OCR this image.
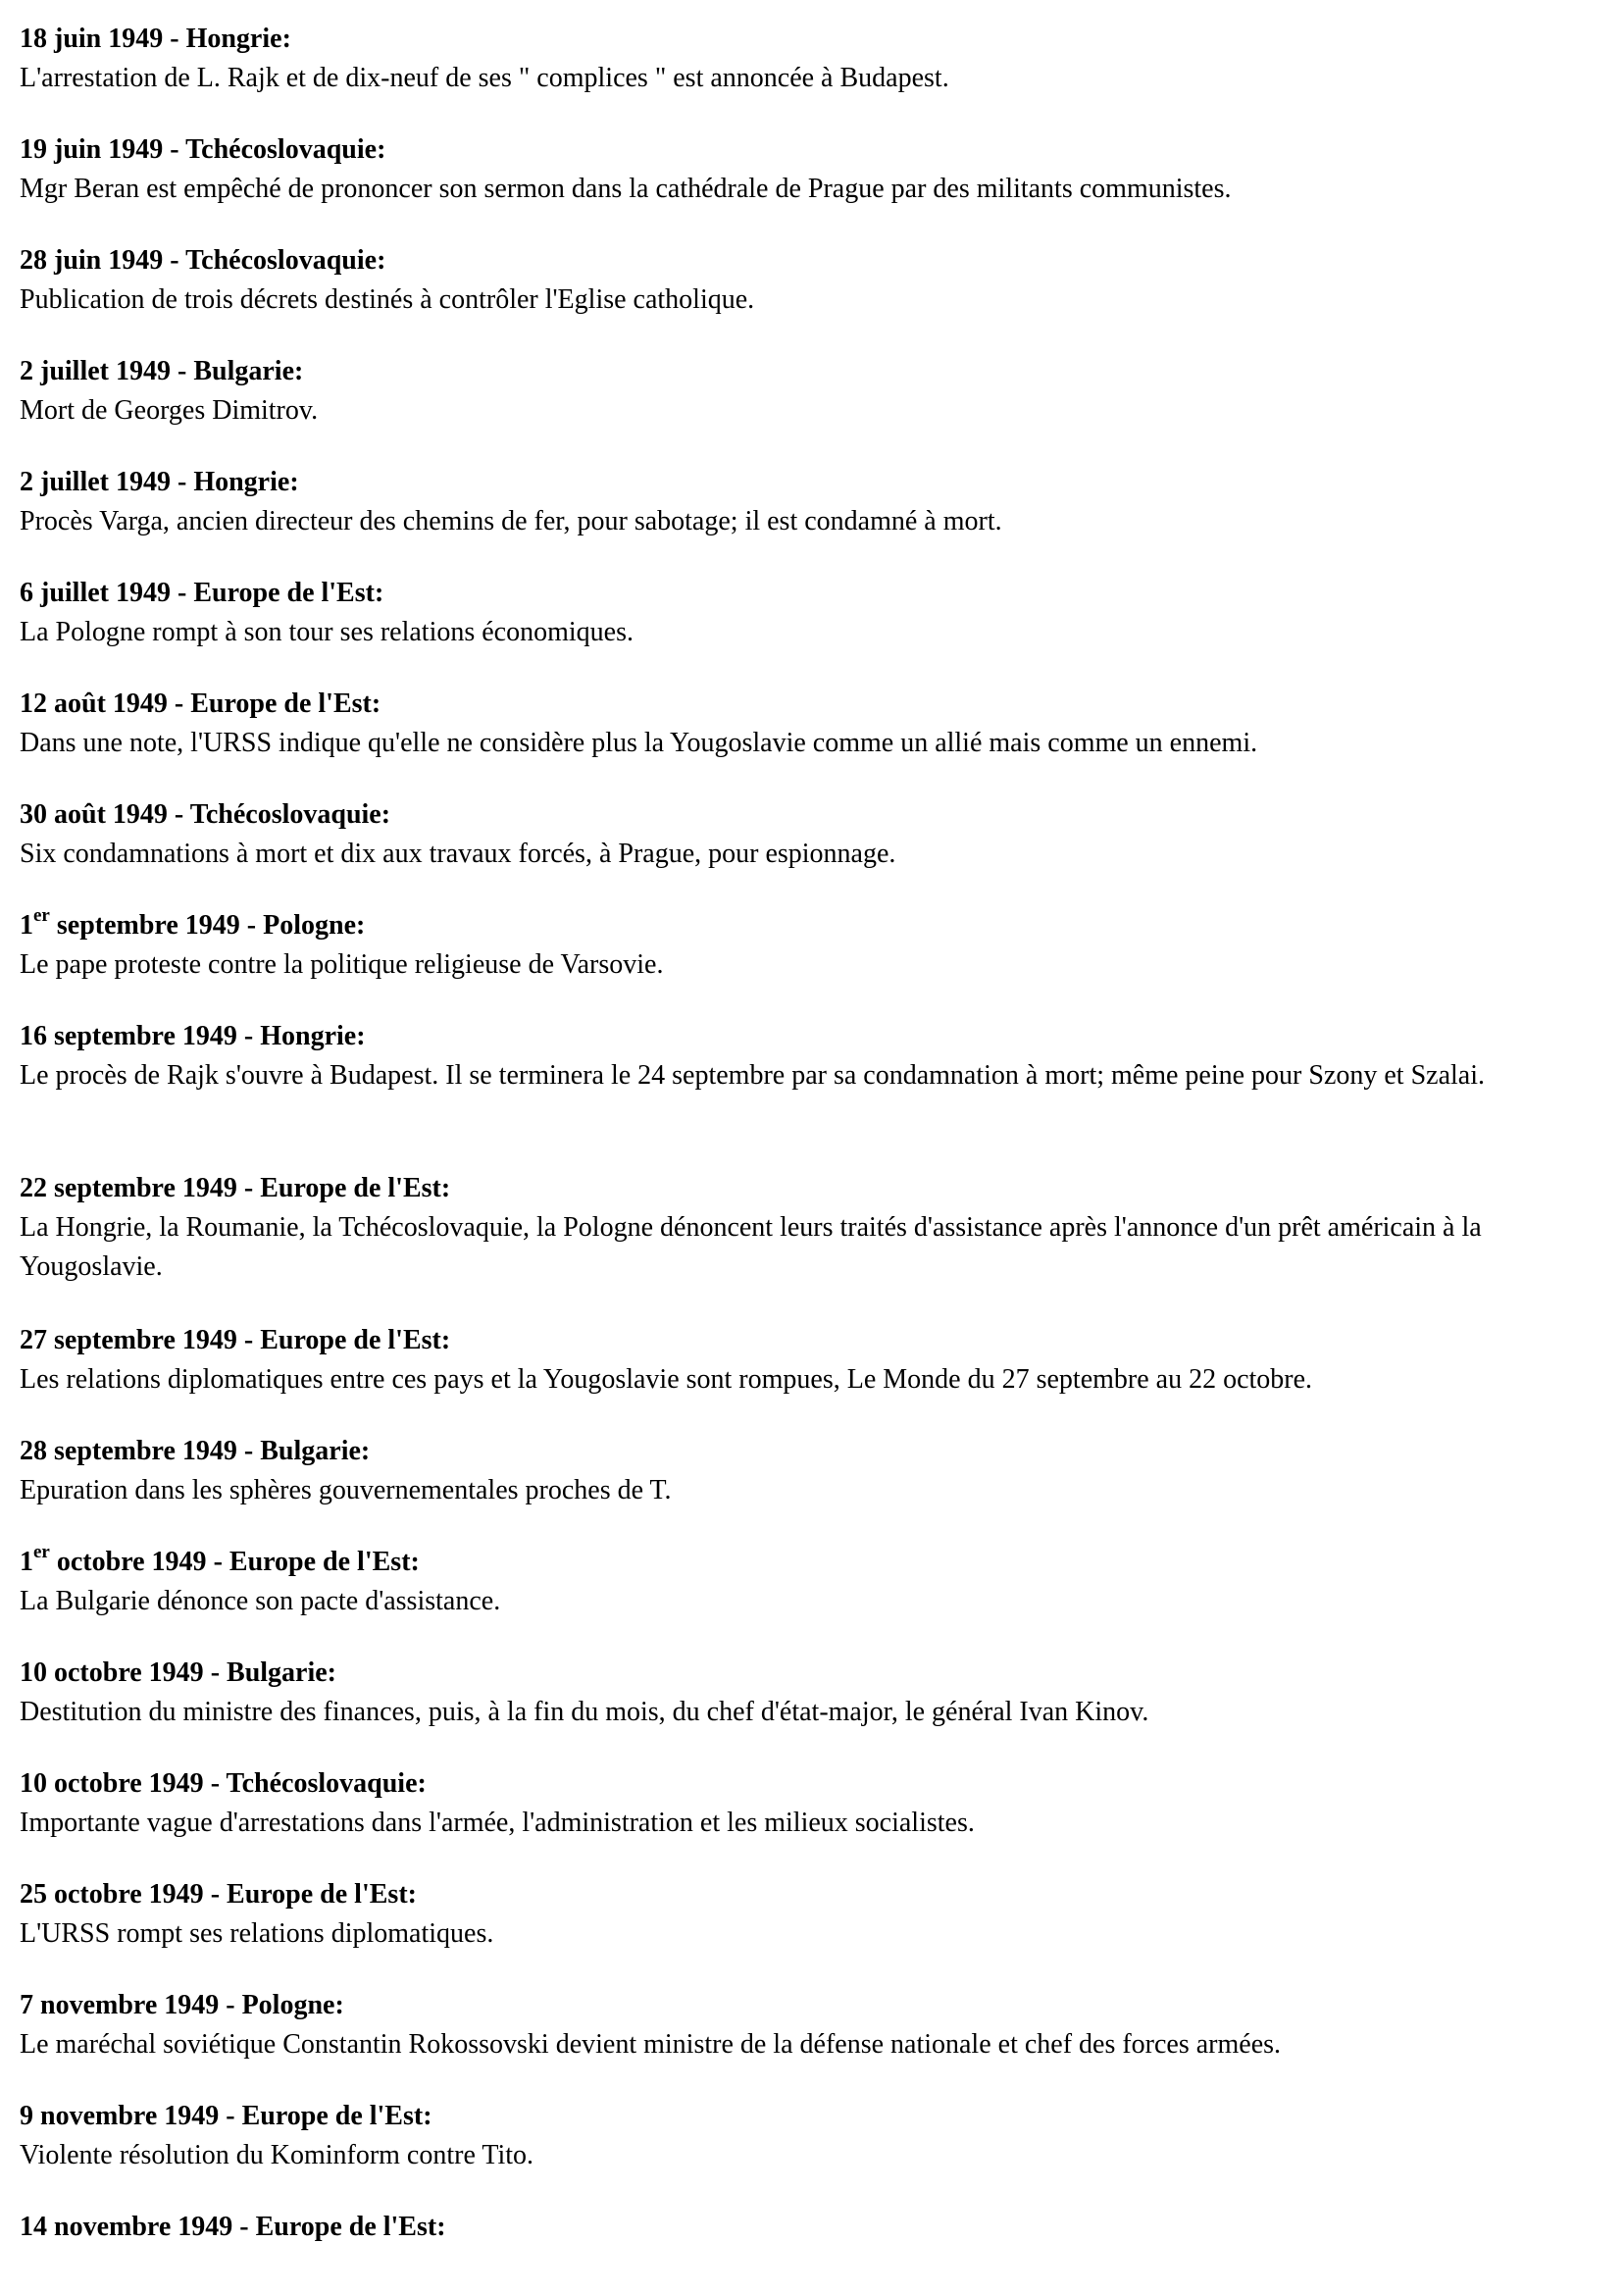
18 juin 1949 - Hongrie:
L'arrestation de L. Rajk et de dix-neuf de ses " complices " est annoncée à Budapest.
19 juin 1949 - Tchécoslovaquie:
Mgr Beran est empêché de prononcer son sermon dans la cathédrale de Prague par des militants communistes.
28 juin 1949 - Tchécoslovaquie:
Publication de trois décrets destinés à contrôler l'Eglise catholique.
2 juillet 1949 - Bulgarie:
Mort de Georges Dimitrov.
2 juillet 1949 - Hongrie:
Procès Varga, ancien directeur des chemins de fer, pour sabotage; il est condamné à mort.
6 juillet 1949 - Europe de l'Est:
La Pologne rompt à son tour ses relations économiques.
12 août 1949 - Europe de l'Est:
Dans une note, l'URSS indique qu'elle ne considère plus la Yougoslavie comme un allié mais comme un ennemi.
30 août 1949 - Tchécoslovaquie:
Six condamnations à mort et dix aux travaux forcés, à Prague, pour espionnage.
1er septembre 1949 - Pologne:
Le pape proteste contre la politique religieuse de Varsovie.
16 septembre 1949 - Hongrie:
Le procès de Rajk s'ouvre à Budapest. Il se terminera le 24 septembre par sa condamnation à mort; même peine pour Szony et Szalai.
22 septembre 1949 - Europe de l'Est:
La Hongrie, la Roumanie, la Tchécoslovaquie, la Pologne dénoncent leurs traités d'assistance après l'annonce d'un prêt américain à la Yougoslavie.
27 septembre 1949 - Europe de l'Est:
Les relations diplomatiques entre ces pays et la Yougoslavie sont rompues, Le Monde du 27 septembre au 22 octobre.
28 septembre 1949 - Bulgarie:
Epuration dans les sphères gouvernementales proches de T.
1er octobre 1949 - Europe de l'Est:
La Bulgarie dénonce son pacte d'assistance.
10 octobre 1949 - Bulgarie:
Destitution du ministre des finances, puis, à la fin du mois, du chef d'état-major, le général Ivan Kinov.
10 octobre 1949 - Tchécoslovaquie:
Importante vague d'arrestations dans l'armée, l'administration et les milieux socialistes.
25 octobre 1949 - Europe de l'Est:
L'URSS rompt ses relations diplomatiques.
7 novembre 1949 - Pologne:
Le maréchal soviétique Constantin Rokossovski devient ministre de la défense nationale et chef des forces armées.
9 novembre 1949 - Europe de l'Est:
Violente résolution du Kominform contre Tito.
14 novembre 1949 - Europe de l'Est:
